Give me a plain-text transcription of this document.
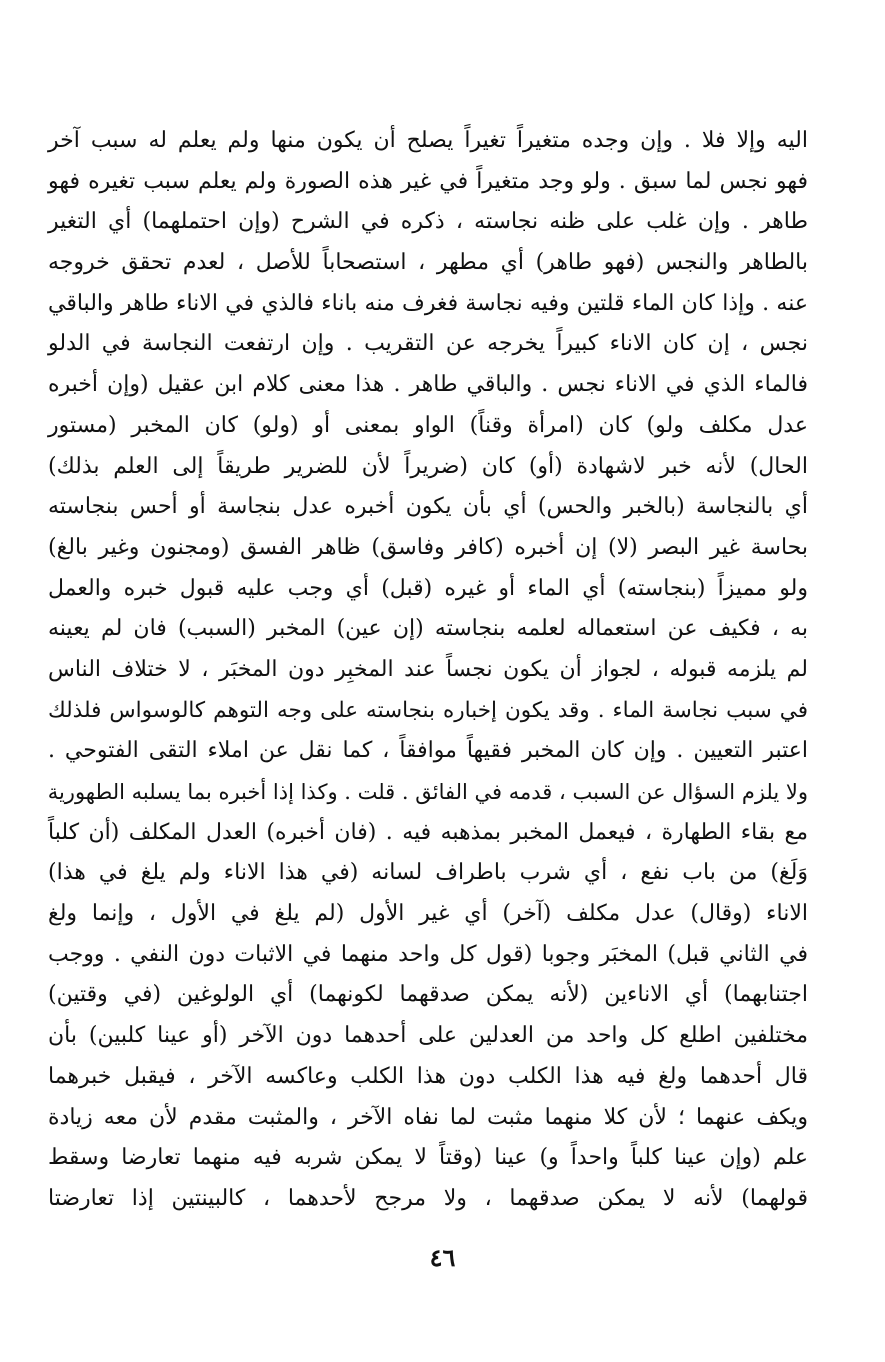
اليه وإلا فلا . وإن وجده متغيراً تغيراً يصلح أن يكون منها ولم يعلم له سبب آخر
فهو نجس لما سبق . ولو وجد متغيراً في غير هذه الصورة ولم يعلم سبب تغيره فهو
طاهر . وإن غلب على ظنه نجاسته ، ذكره في الشرح (وإن احتملهما) أي التغير
بالطاهر والنجس (فهو طاهر) أي مطهر ، استصحاباً للأصل ، لعدم تحقق خروجه
عنه . وإذا كان الماء قلتين وفيه نجاسة فغرف منه باناء فالذي في الاناء طاهر والباقي
نجس ، إن كان الاناء كبيراً يخرجه عن التقريب . وإن ارتفعت النجاسة في الدلو
فالماء الذي في الاناء نجس . والباقي طاهر . هذا معنى كلام ابن عقيل (وإن أخبره
عدل مكلف ولو) كان (امرأة وقناً) الواو بمعنى أو (ولو) كان المخبر (مستور
الحال) لأنه خبر لاشهادة (أو) كان (ضريراً لأن للضرير طريقاً إلى العلم بذلك)
أي بالنجاسة (بالخبر والحس) أي بأن يكون أخبره عدل بنجاسة أو أحس بنجاسته
بحاسة غير البصر (لا) إن أخبره (كافر وفاسق) ظاهر الفسق (ومجنون وغير بالغ)
ولو مميزاً (بنجاسته) أي الماء أو غيره (قبل) أي وجب عليه قبول خبره والعمل
به ، فكيف عن استعماله لعلمه بنجاسته (إن عين) المخبر (السبب) فان لم يعينه
لم يلزمه قبوله ، لجواز أن يكون نجساً عند المخبِر دون المخبَر ، لا ختلاف الناس
في سبب نجاسة الماء . وقد يكون إخباره بنجاسته على وجه التوهم كالوسواس فلذلك
اعتبر التعيين . وإن كان المخبر فقيهاً موافقاً ، كما نقل عن املاء التقى الفتوحي .
ولا يلزم السؤال عن السبب ، قدمه في الفائق . قلت . وكذا إذا أخبره بما يسلبه الطهورية
مع بقاء الطهارة ، فيعمل المخبر بمذهبه فيه . (فان أخبره) العدل المكلف (أن كلباً
وَلَغ) من باب نفع ، أي شرب باطراف لسانه (في هذا الاناء ولم يلغ في هذا)
الاناء (وقال) عدل مكلف (آخر) أي غير الأول (لم يلغ في الأول ، وإنما ولغ
في الثاني قبل) المخبَر وجوبا (قول كل واحد منهما في الاثبات دون النفي . ووجب
اجتنابهما) أي الاناءين (لأنه يمكن صدقهما لكونهما) أي الولوغين (في وقتين)
مختلفين اطلع كل واحد من العدلين على أحدهما دون الآخر (أو عينا كلبين) بأن
قال أحدهما ولغ فيه هذا الكلب دون هذا الكلب وعاكسه الآخر ، فيقبل خبرهما
ويكف عنهما ؛ لأن كلا منهما مثبت لما نفاه الآخر ، والمثبت مقدم لأن معه زيادة
علم (وإن عينا كلباً واحداً و) عينا (وقتاً لا يمكن شربه فيه منهما تعارضا وسقط
قولهما) لأنه لا يمكن صدقهما ، ولا مرجح لأحدهما ، كالبينتين إذا تعارضتا
٤٦
